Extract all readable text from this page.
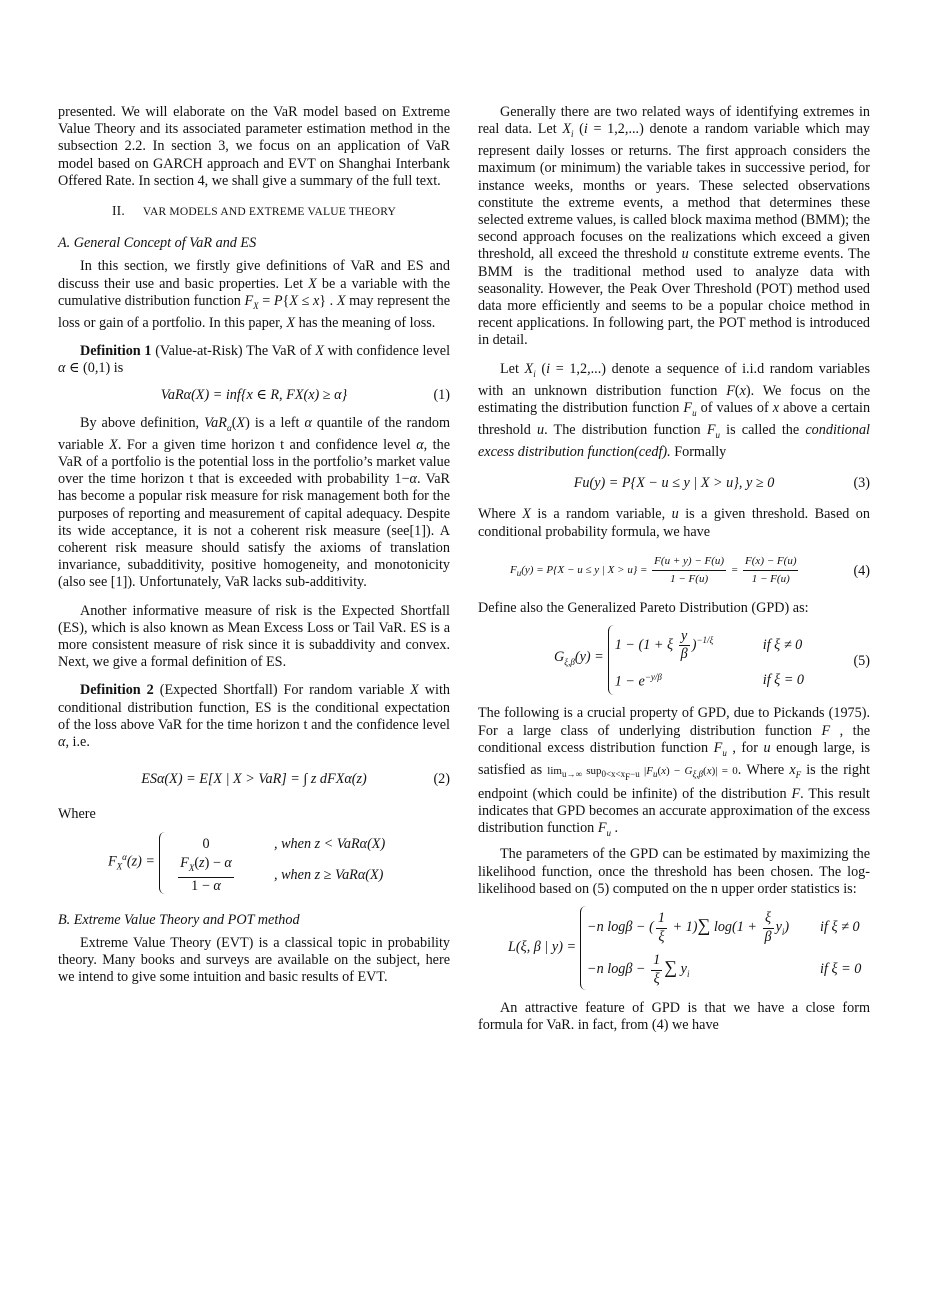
presented. We will elaborate on the VaR model based on Extreme Value Theory and its associated parameter estimation method in the subsection 2.2. In section 3, we focus on an application of VaR model based on GARCH approach and EVT on Shanghai Interbank Offered Rate. In section 4, we shall give a summary of the full text.

II. VAR MODELS AND EXTREME VALUE THEORY

A. General Concept of VaR and ES

In this section, we firstly give definitions of VaR and ES and discuss their use and basic properties. Let X be a variable with the cumulative distribution function $F_X = P\{X \le x\}$ . X may represent the loss or gain of a portfolio. In this paper, X has the meaning of loss.

Definition 1 (Value-at-Risk) The VaR of X with confidence level α ∈ (0,1) is

VaRα(X) = inf{x ∈ R, FX(x) ≥ α}	(1)

By above definition, VaR$_\alpha$(X) is a left α quantile of the random variable X. For a given time horizon t and confidence level α, the VaR of a portfolio is the potential loss in the portfolio’s market value over the time horizon t that is exceeded with probability 1−α. VaR has become a popular risk measure for risk management both for the purposes of reporting and measurement of capital adequacy. Despite its wide acceptance, it is not a coherent risk measure (see[1]). A coherent risk measure should satisfy the axioms of translation invariance, subadditivity, positive homogeneity, and monotonicity (also see [1]). Unfortunately, VaR lacks sub-additivity.

Another informative measure of risk is the Expected Shortfall (ES), which is also known as Mean Excess Loss or Tail VaR. ES is a more consistent measure of risk since it is subaddivity and convex. Next, we give a formal definition of ES.

Definition 2 (Expected Shortfall) For random variable X with conditional distribution function, ES is the conditional expectation of the loss above VaR for the time horizon t and the confidence level α, i.e.

ESα(X) = E[X | X > VaR] = ∫ z dFXα(z)	(2)

Where

$F_X^\alpha(z)$ =
0	, when z < VaRα(X)
$\frac{F_X(z) - \alpha}{1 - \alpha}$	, when z ≥ VaRα(X)

B. Extreme Value Theory and POT method

Extreme Value Theory (EVT) is a classical topic in probability theory. Many books and surveys are available on the subject, here we intend to give some intuition and basic results of EVT.

Generally there are two related ways of identifying extremes in real data. Let $X_i$ (i = 1,2,...) denote a random variable which may represent daily losses or returns. The first approach considers the maximum (or minimum) the variable takes in successive period, for instance weeks, months or years. These selected observations constitute the extreme events, a method that determines these selected extreme values, is called block maxima method (BMM); the second approach focuses on the realizations which exceed a given threshold, all exceed the threshold u constitute extreme events. The BMM is the traditional method used to analyze data with seasonality. However, the Peak Over Threshold (POT) method used data more efficiently and seems to be a popular choice method in recent applications. In following part, the POT method is introduced in detail.

Let $X_i$ (i = 1,2,...) denote a sequence of i.i.d random variables with an unknown distribution function F(x). We focus on the estimating the distribution function $F_u$ of values of x above a certain threshold u. The distribution function $F_u$ is called the conditional excess distribution function(cedf). Formally

Fu(y) = P{X − u ≤ y | X > u}, y ≥ 0	(3)

Where X is a random variable, u is a given threshold. Based on conditional probability formula, we have

$F_u(y) = P\{X - u \le y$ | $X > u\} = \frac{F(u + y) - F(u)}{1 - F(u)} = \frac{F(x) - F(u)}{1 - F(u)}$	(4)

Define also the Generalized Pareto Distribution (GPD) as:

$G_{\xi,\beta}(y)$ =
1 − (1 + ξ $\frac{y}{\beta} )^{-1/\xi}$	if ξ ≠ 0
$1 - e^{-y/\beta}$	if ξ = 0
(5)

The following is a crucial property of GPD, due to Pickands (1975). For a large class of underlying distribution function F , the conditional excess distribution function $F_u$ , for u enough large, is satisfied as $\lim_{u\to\infty} sup_{0<x<x_F-u}$ $|F_u(x) - G_{\xi,\beta}(x)| = 0$. Where $x_F$ is the right endpoint (which could be infinite) of the distribution F. This result indicates that GPD becomes an accurate approximation of the excess distribution function $F_u$ .

The parameters of the GPD can be estimated by maximizing the likelihood function, once the threshold has been chosen. The log-likelihood based on (5) computed on the n upper order statistics is:

L(ξ, β | y) =
−n logβ − ( $\frac{1}{\xi} + 1)\sum$ $\log(1 + \frac{\xi}{\beta} y_i)$ if ξ ≠ 0
−n $\log\beta - \frac{1}{\xi}$ ∑ $y_i$	if ξ = 0

An attractive feature of GPD is that we have a close form formula for VaR. in fact, from (4) we have
